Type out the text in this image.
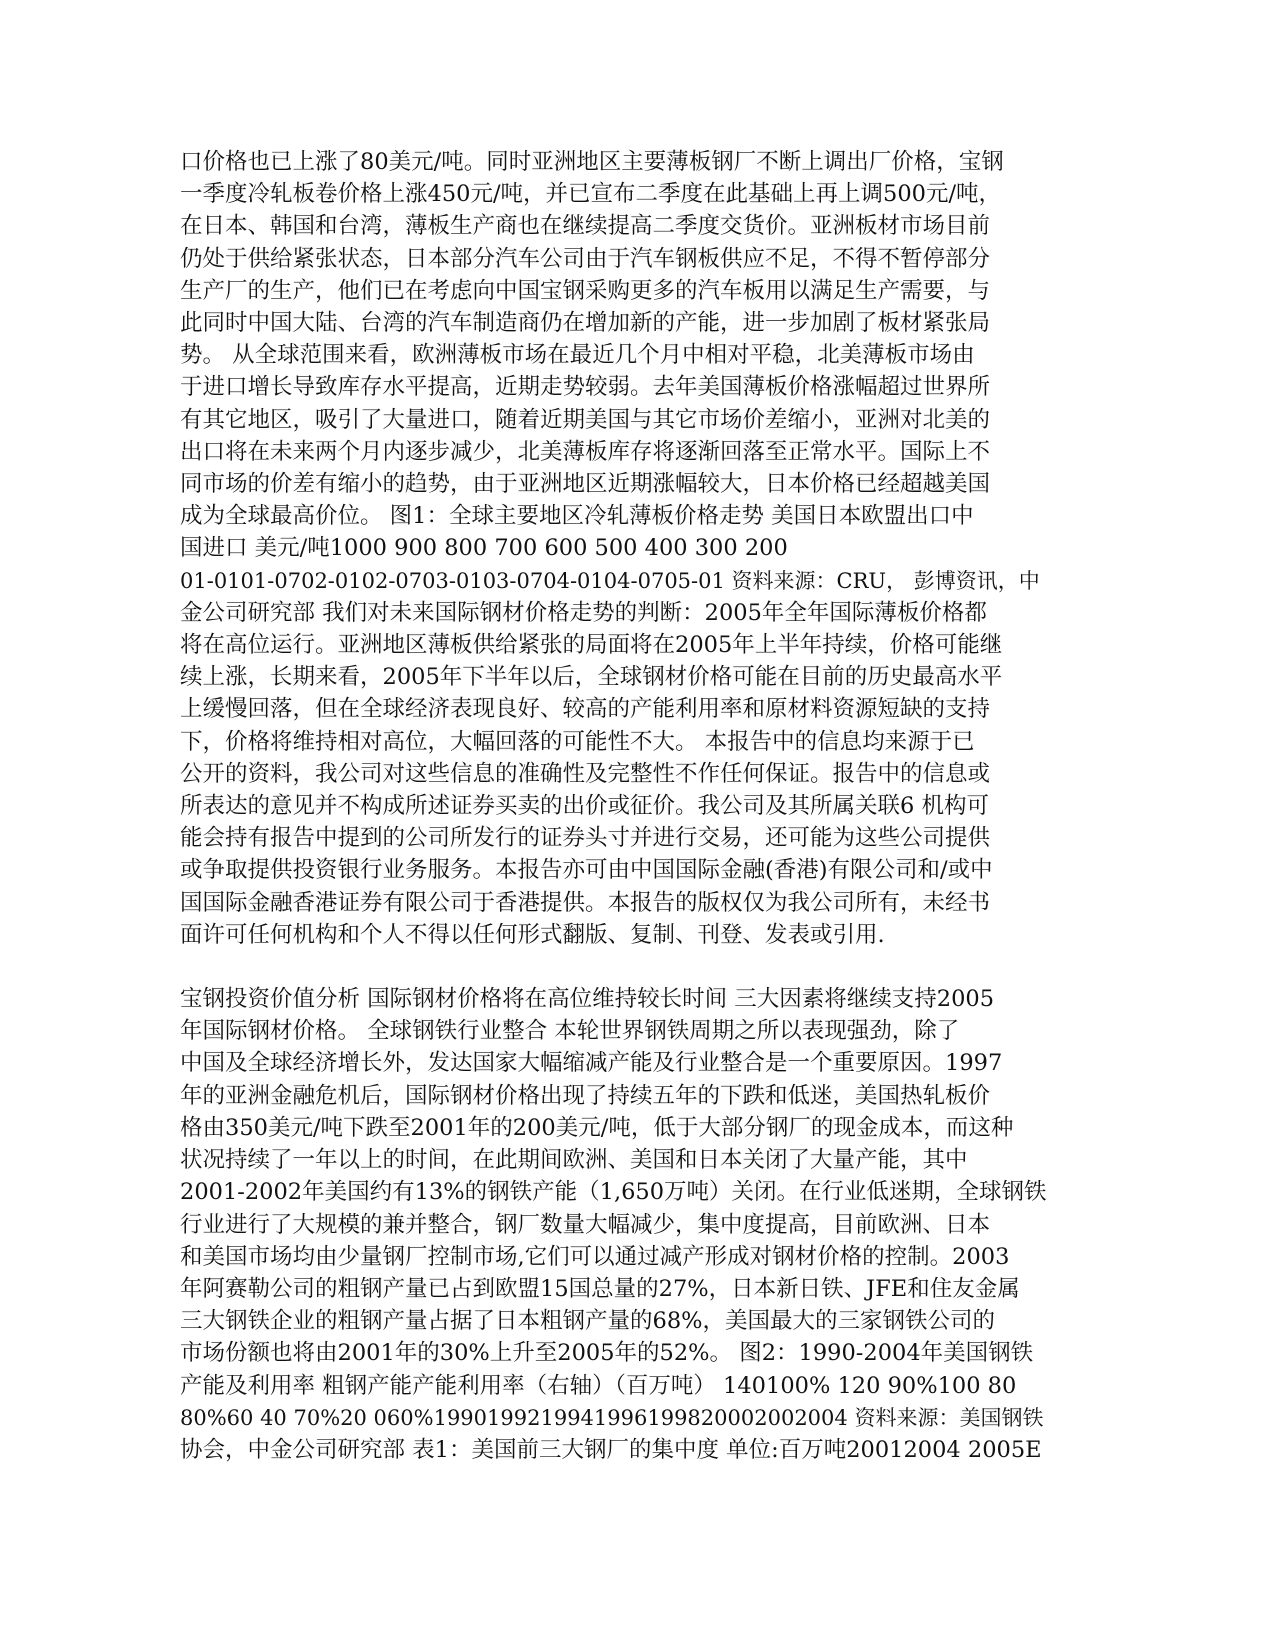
口价格也已上涨了80美元/吨。同时亚洲地区主要薄板钢厂不断上调出厂价格，宝钢
一季度冷轧板卷价格上涨450元/吨，并已宣布二季度在此基础上再上调500元/吨，
在日本、韩国和台湾，薄板生产商也在继续提高二季度交货价。亚洲板材市场目前
仍处于供给紧张状态，日本部分汽车公司由于汽车钢板供应不足，不得不暂停部分
生产厂的生产，他们已在考虑向中国宝钢采购更多的汽车板用以满足生产需要，与
此同时中国大陆、台湾的汽车制造商仍在增加新的产能，进一步加剧了板材紧张局
势。 从全球范围来看，欧洲薄板市场在最近几个月中相对平稳，北美薄板市场由
于进口增长导致库存水平提高，近期走势较弱。去年美国薄板价格涨幅超过世界所
有其它地区，吸引了大量进口，随着近期美国与其它市场价差缩小，亚洲对北美的
出口将在未来两个月内逐步减少，北美薄板库存将逐渐回落至正常水平。国际上不
同市场的价差有缩小的趋势，由于亚洲地区近期涨幅较大，日本价格已经超越美国
成为全球最高价位。 图1：全球主要地区冷轧薄板价格走势 美国日本欧盟出口中
国进口 美元/吨1000 900 800 700 600 500 400 300 200
01-0101-0702-0102-0703-0103-0704-0104-0705-01 资料来源：CRU， 彭博资讯，中
金公司研究部 我们对未来国际钢材价格走势的判断：2005年全年国际薄板价格都
将在高位运行。亚洲地区薄板供给紧张的局面将在2005年上半年持续，价格可能继
续上涨，长期来看，2005年下半年以后，全球钢材价格可能在目前的历史最高水平
上缓慢回落，但在全球经济表现良好、较高的产能利用率和原材料资源短缺的支持
下，价格将维持相对高位，大幅回落的可能性不大。 本报告中的信息均来源于已
公开的资料，我公司对这些信息的准确性及完整性不作任何保证。报告中的信息或
所表达的意见并不构成所述证券买卖的出价或征价。我公司及其所属关联6 机构可
能会持有报告中提到的公司所发行的证券头寸并进行交易，还可能为这些公司提供
或争取提供投资银行业务服务。本报告亦可由中国国际金融(香港)有限公司和/或中
国国际金融香港证券有限公司于香港提供。本报告的版权仅为我公司所有，未经书
面许可任何机构和个人不得以任何形式翻版、复制、刊登、发表或引用.
宝钢投资价值分析 国际钢材价格将在高位维持较长时间 三大因素将继续支持2005
年国际钢材价格。 全球钢铁行业整合 本轮世界钢铁周期之所以表现强劲，除了
中国及全球经济增长外，发达国家大幅缩减产能及行业整合是一个重要原因。1997
年的亚洲金融危机后，国际钢材价格出现了持续五年的下跌和低迷，美国热轧板价
格由350美元/吨下跌至2001年的200美元/吨，低于大部分钢厂的现金成本，而这种
状况持续了一年以上的时间，在此期间欧洲、美国和日本关闭了大量产能，其中
2001-2002年美国约有13%的钢铁产能（1,650万吨）关闭。在行业低迷期，全球钢铁
行业进行了大规模的兼并整合，钢厂数量大幅减少，集中度提高，目前欧洲、日本
和美国市场均由少量钢厂控制市场,它们可以通过减产形成对钢材价格的控制。2003
年阿赛勒公司的粗钢产量已占到欧盟15国总量的27%，日本新日铁、JFE和住友金属
三大钢铁企业的粗钢产量占据了日本粗钢产量的68%，美国最大的三家钢铁公司的
市场份额也将由2001年的30%上升至2005年的52%。 图2：1990-2004年美国钢铁
产能及利用率 粗钢产能产能利用率（右轴）（百万吨） 140100% 120 90%100 80
80%60 40 70%20 060%1990199219941996199820002002004 资料来源：美国钢铁
协会，中金公司研究部 表1：美国前三大钢厂的集中度 单位:百万吨20012004 2005E
